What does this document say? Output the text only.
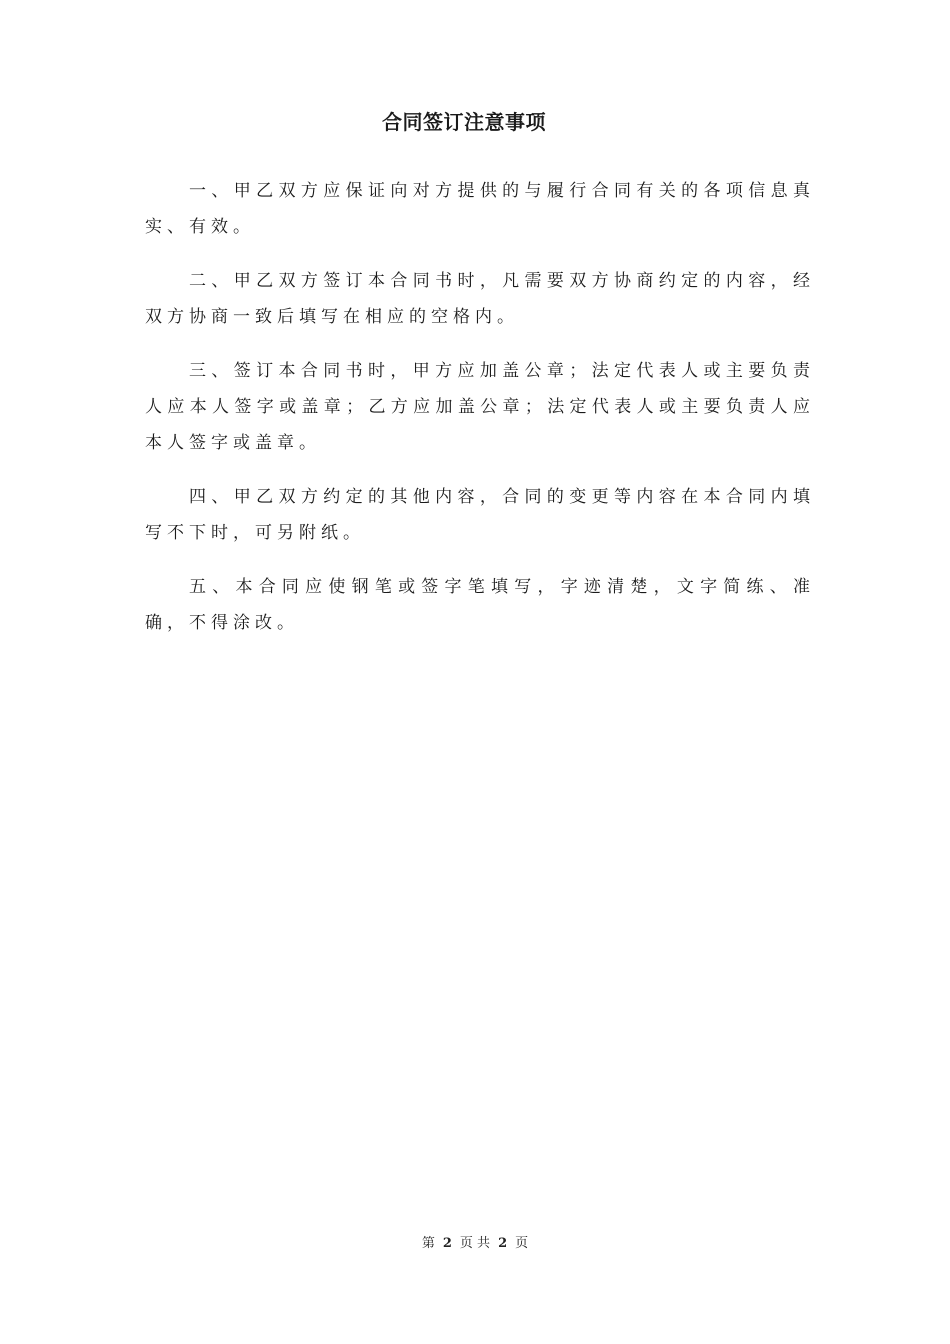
合同签订注意事项

一、甲乙双方应保证向对方提供的与履行合同有关的各项信息真实、有效。

二、甲乙双方签订本合同书时，凡需要双方协商约定的内容，经双方协商一致后填写在相应的空格内。

三、签订本合同书时，甲方应加盖公章；法定代表人或主要负责人应本人签字或盖章；乙方应加盖公章；法定代表人或主要负责人应本人签字或盖章。

四、甲乙双方约定的其他内容，合同的变更等内容在本合同内填写不下时，可另附纸。

五、本合同应使钢笔或签字笔填写，字迹清楚，文字简练、准确，不得涂改。

第 2 页 共 2 页
